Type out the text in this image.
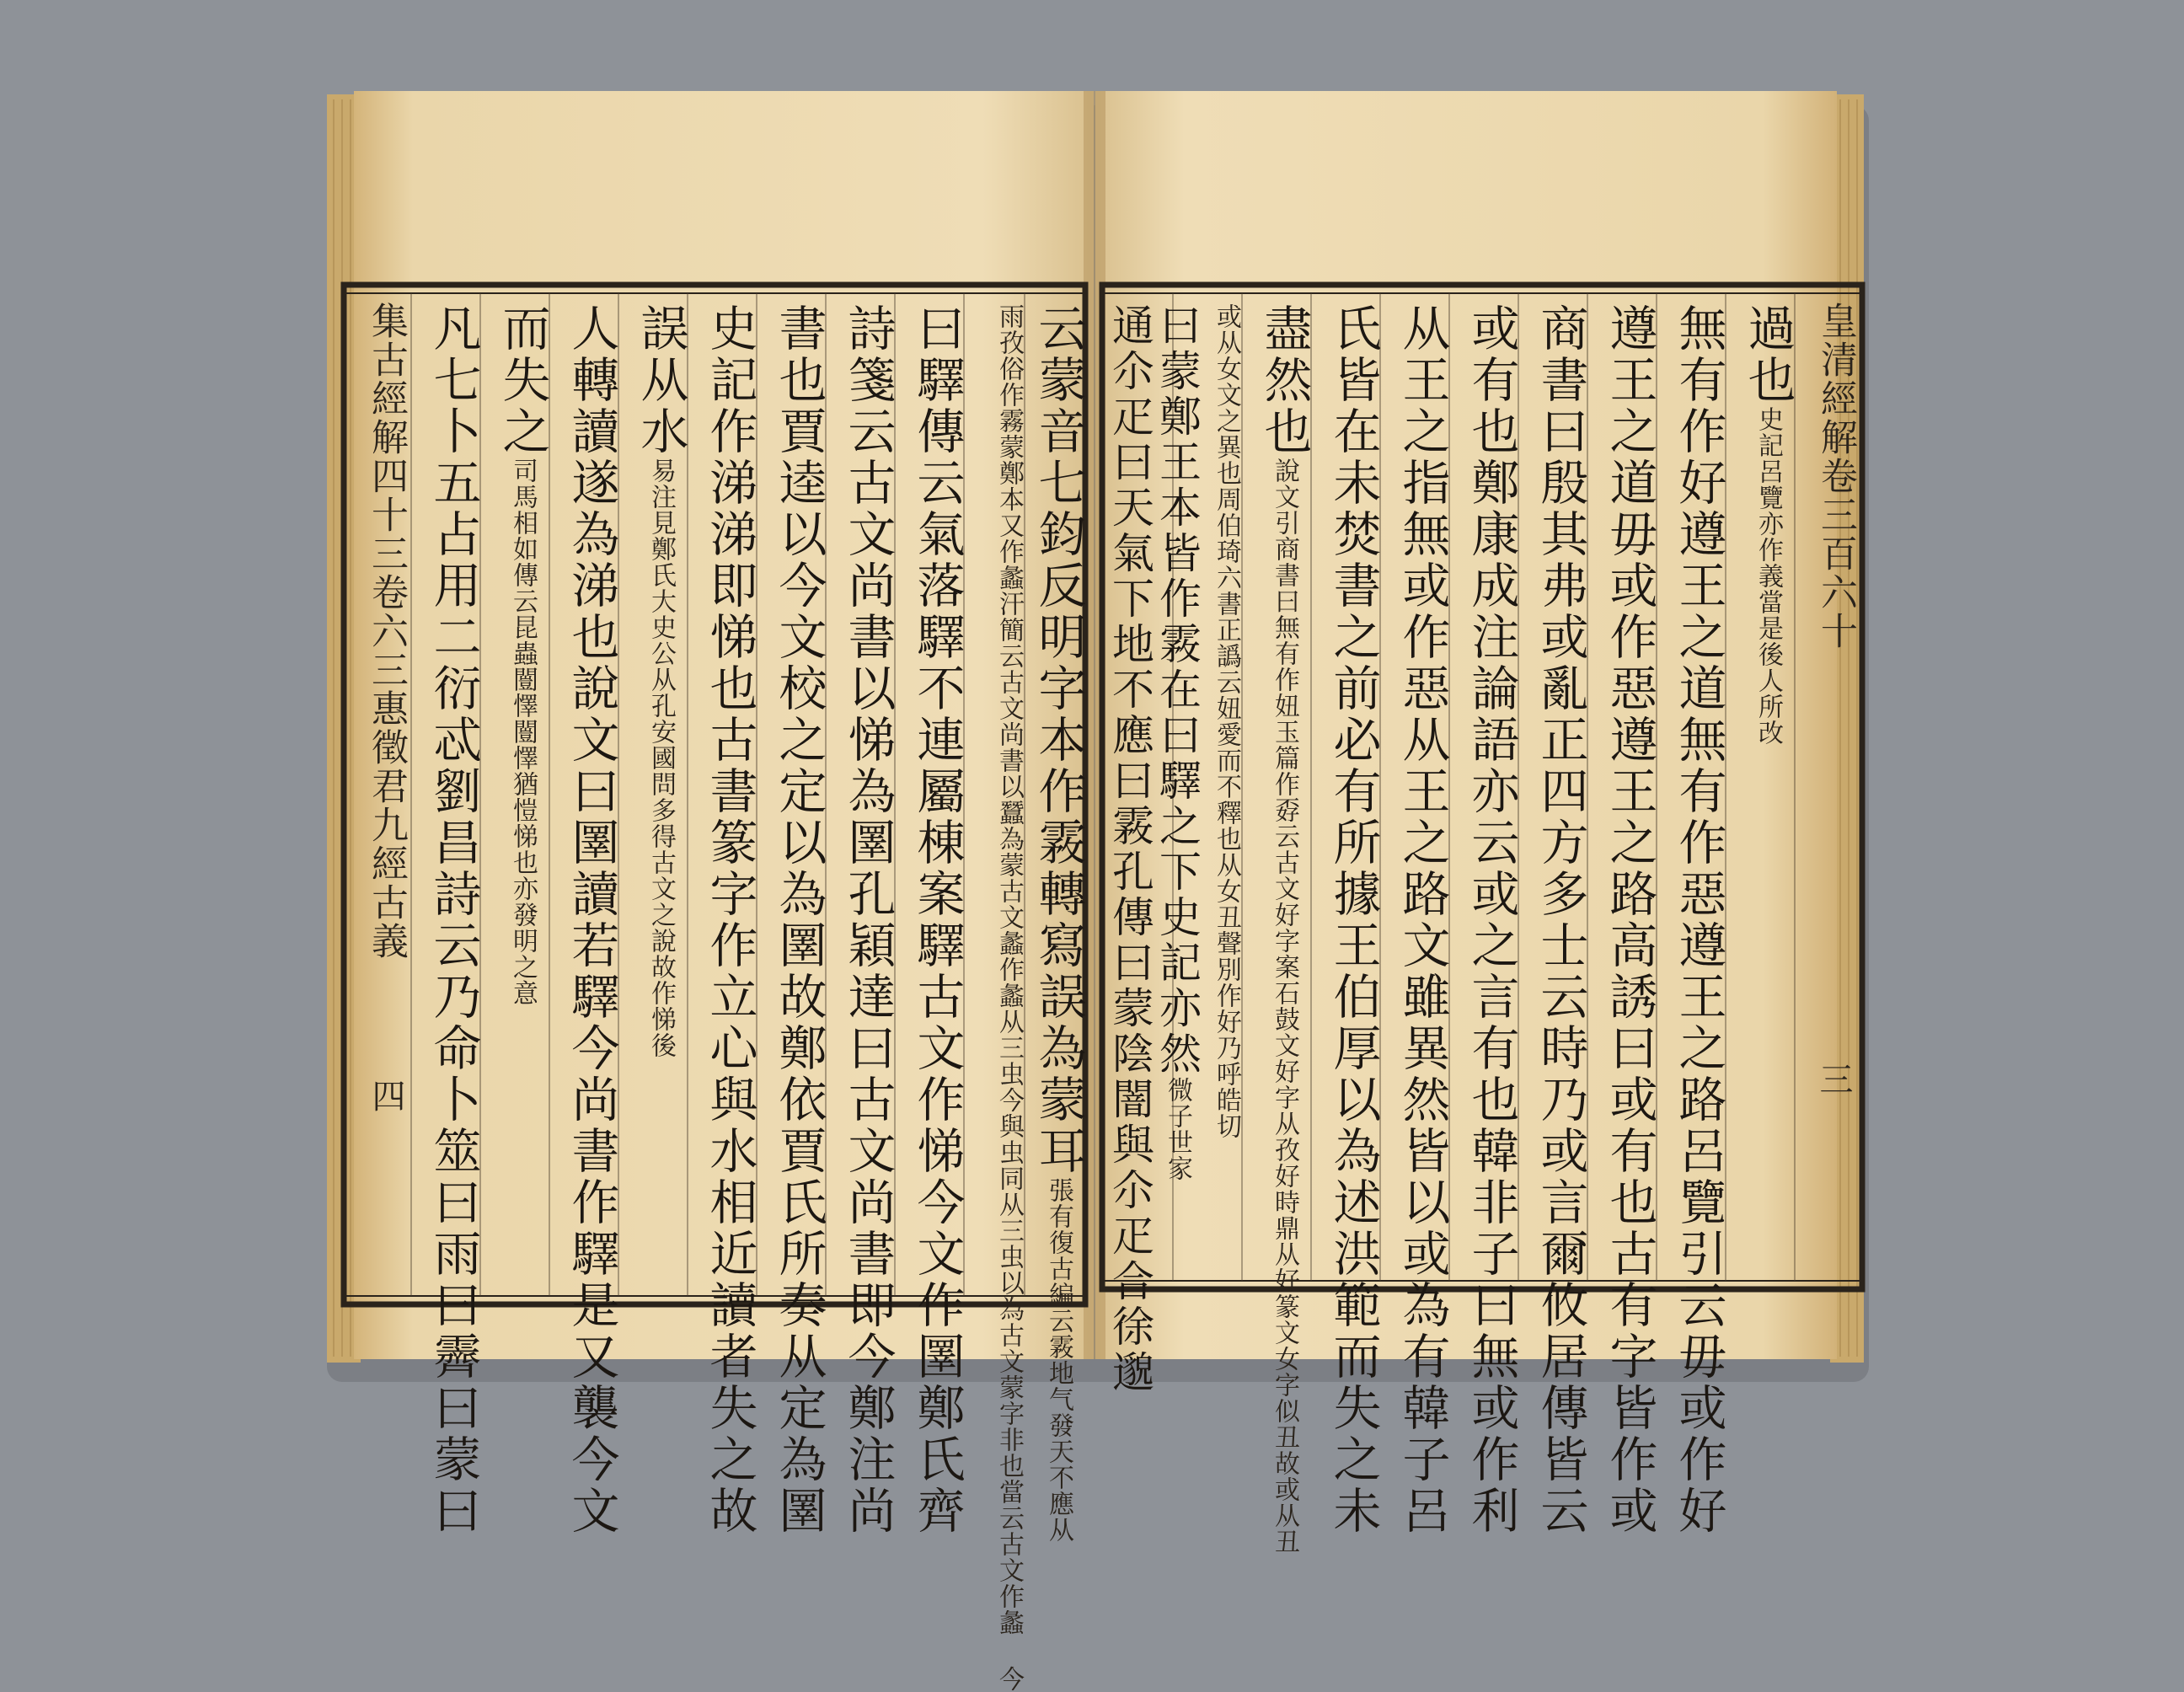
集古經解四十三卷六三惠徵君九經古義
四	云蒙音七鈞反明字本作霚轉寫誤為蒙耳張有復古編云霚地气發天不應从
雨孜俗作霧蒙鄭本又作蠡汗簡云古文尚書以蠶為蒙古文蠡作蠡从三虫今與虫同从三虫以為古文蒙字非也當云古文作蠡 今
曰驛傳云氣落驛不連屬棟案驛古文作悌今文作圛鄭氏齊
詩箋云古文尚書以悌為圛孔穎達曰古文尚書即今鄭注尚
書也賈逵以今文校之定以為圛故鄭依賈氏所奏从定為圛
史記作涕涕即悌也古書篆字作立心與水相近讀者失之故
誤从水易注見鄭氏大史公从孔安國問多得古文之說故作悌後
人轉讀遂為涕也說文曰圛讀若驛今尚書作驛是又襲今文
而失之司馬相如傳云昆蟲闓懌闓懌猶愷悌也亦發明之意
凡七卜五占用二衍忒劉昌詩云乃命卜筮曰雨曰霽曰蒙曰	皇清經解卷三百六十
三
過也史記呂覽亦作義當是後人所改
無有作好遵王之道無有作惡遵王之路呂覽引云毋或作好
遵王之道毋或作惡遵王之路高誘曰或有也古有字皆作或
商書曰殷其弗或亂正四方多士云時乃或言爾攸居傳皆云
或有也鄭康成注論語亦云或之言有也韓非子曰無或作利
从王之指無或作惡从王之路文雖異然皆以或為有韓子呂
氏皆在未焚書之前必有所據王伯厚以為述洪範而失之未
盡然也說文引商書曰無有作妞玉篇作孬云古文好字案石鼓文好字从孜好時鼎从好篆文女字似丑故或从丑
或从女文之異也周伯琦六書正譌云妞愛而不釋也从女丑聲別作好乃呼皓切
曰蒙鄭王本皆作霚在曰驛之下史記亦然微子世家
通尒疋曰天氣下地不應曰霚孔傳曰蒙陰闇與尒疋合徐邈
